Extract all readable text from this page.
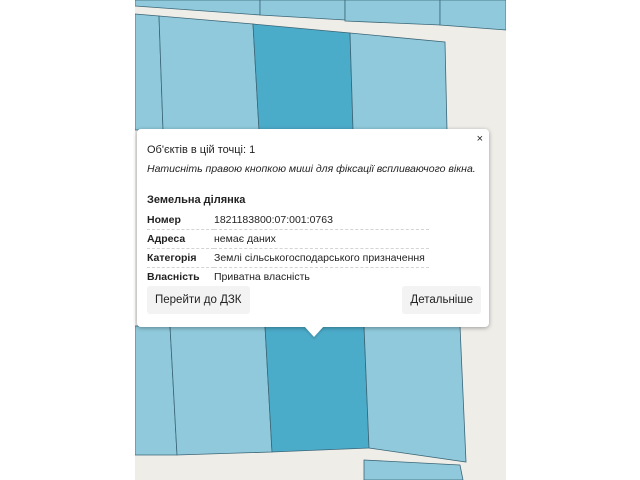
×
Об'єктів в цій точці: 1
Натисніть правою кнопкою миші для фіксації вспливаючого вікна.
Земельна ділянка
Номер	1821183800:07:001:0763
Адреса	немає даних
Категорія	Землі сільськогосподарського призначення
Власність	Приватна власність
Перейти до ДЗК	Детальніше
